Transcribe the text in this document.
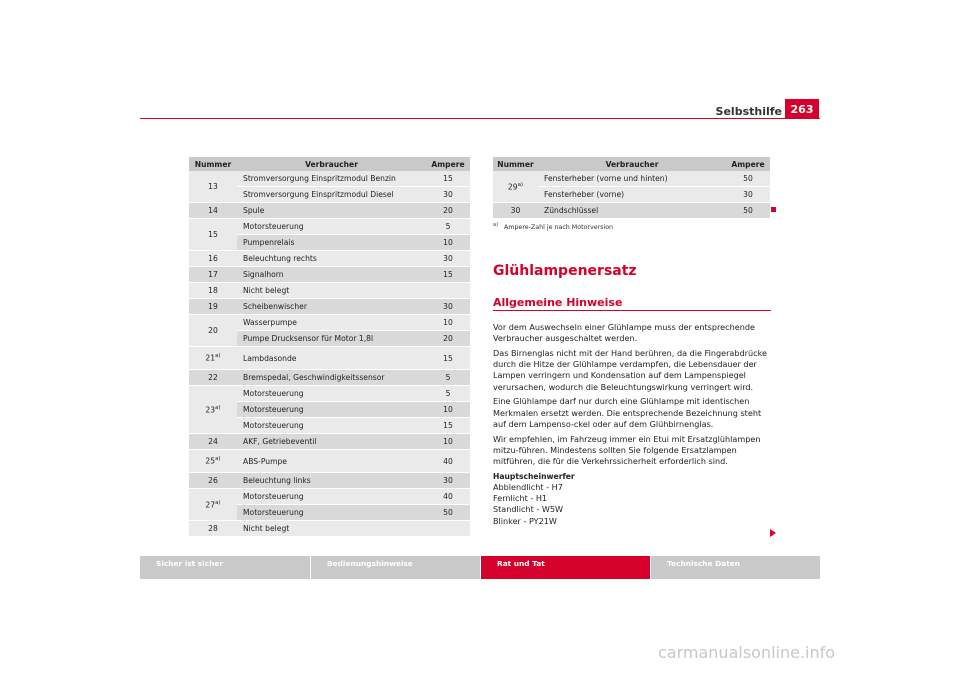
Selbsthilfe 263
Nummer	Verbraucher	Ampere
13	Stromversorgung Einspritzmodul Benzin	15
	Stromversorgung Einspritzmodul Diesel	30
14	Spule	20
15	Motorsteuerung	5
	Pumpenrelais	10
16	Beleuchtung rechts	30
17	Signalhorn	15
18	Nicht belegt	
19	Scheibenwischer	30
20	Wasserpumpe	10
	Pumpe Drucksensor für Motor 1,8l	20
21$^{a)}$	Lambdasonde	15
22	Bremspedal, Geschwindigkeitssensor	5
23$^{a)}$	Motorsteuerung	5
	Motorsteuerung	10
	Motorsteuerung	15
24	AKF, Getriebeventil	10
25$^{a)}$	ABS-Pumpe	40
26	Beleuchtung links	30
27$^{a)}$	Motorsteuerung	40
	Motorsteuerung	50
28	Nicht belegt	
Nummer	Verbraucher	Ampere
29$^{a)}$	Fensterheber (vorne und hinten)	50
	Fensterheber (vorne)	30
30	Zündschlüssel	50
$^{a)}$ Ampere-Zahl je nach Motorversion
Glühlampenersatz
Allgemeine Hinweise

Vor dem Auswechseln einer Glühlampe muss der entsprechende Verbraucher ausgeschaltet werden.

Das Birnenglas nicht mit der Hand berühren, da die Fingerabdrücke durch die Hitze der Glühlampe verdampfen, die Lebensdauer der Lampen verringern und Kondensation auf dem Lampenspiegel verursachen, wodurch die Beleuchtungswirkung verringert wird.

Eine Glühlampe darf nur durch eine Glühlampe mit identischen Merkmalen ersetzt werden. Die entsprechende Bezeichnung steht auf dem Lampenso-ckel oder auf dem Glühbirnenglas.

Wir empfehlen, im Fahrzeug immer ein Etui mit Ersatzglühlampen mitzu-führen. Mindestens sollten Sie folgende Ersatzlampen mitführen, die für die Verkehrssicherheit erforderlich sind.

Hauptscheinwerfer

Abblendlicht - H7

Fernlicht - H1

Standlicht - W5W

Blinker - PY21W

Sicher ist sicher	Bedienungshinweise	Rat und Tat	Technische Daten
carmanualsonline.info
